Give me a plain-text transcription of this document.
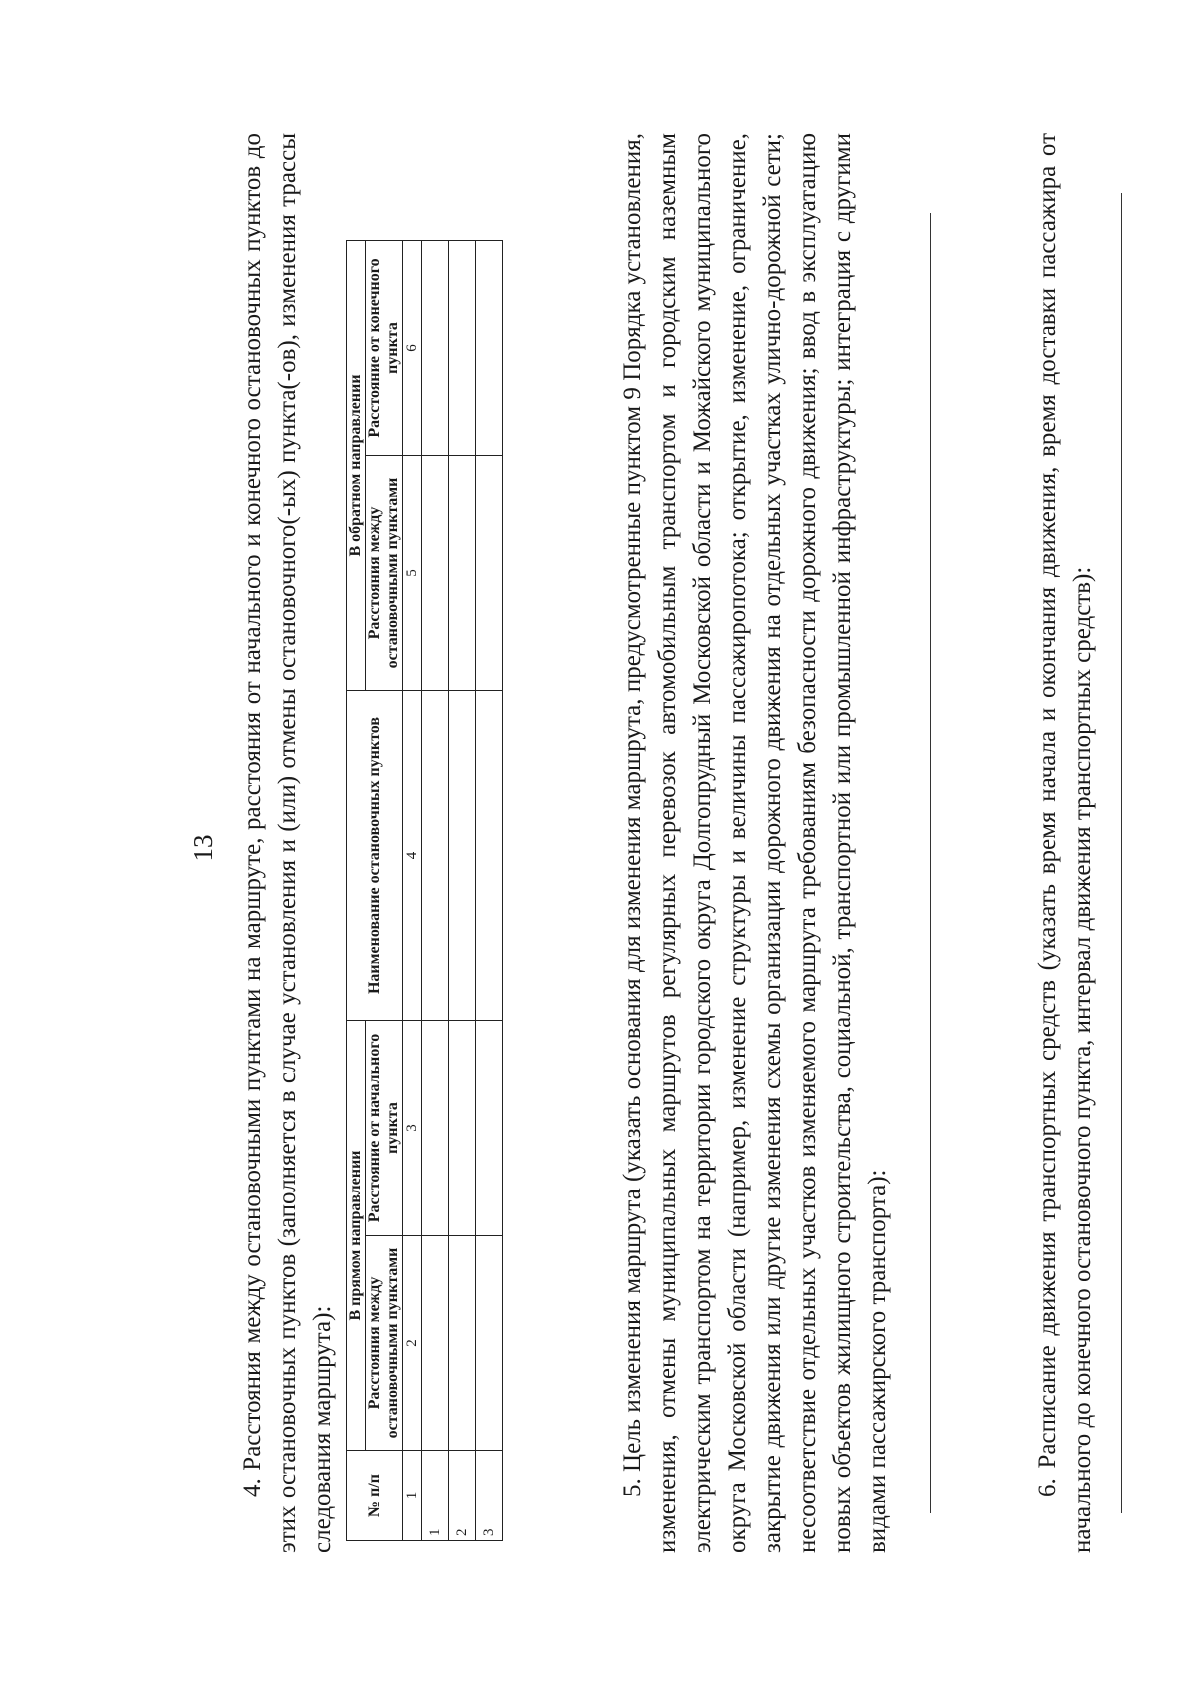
13 4. Расстояния между остановочными пунктами на маршруте, расстояния от начального и конечного остановочных пунктов до этих остановочных пунктов (заполняется в случае установления и (или) отмены остановочного(-ых) пункта(-ов), изменения трассы следования маршрута): № п/п	В прямом направлении		Наименование остановочных пунктов	В обратном направлении	
	Расстояния между остановочными пунктами	Расстояние от начального пункта		Расстояния между остановочными пунктами	Расстояние от конечного пункта
1	2	3	4	5	6
1					
2					
3					

5. Цель изменения маршрута (указать основания для изменения маршрута, предусмотренные пунктом 9 Порядка установления, изменения, отмены муниципальных маршрутов регулярных перевозок автомобильным транспортом и городским наземным электрическим транспортом на территории городского округа Долгопрудный Московской области и Можайского муниципального округа Московской области (например, изменение структуры и величины пассажиропотока; открытие, изменение, ограничение, закрытие движения или другие изменения схемы организации дорожного движения на отдельных участках улично-дорожной сети; несоответствие отдельных участков изменяемого маршрута требованиям безопасности дорожного движения; ввод в эксплуатацию новых объектов жилищного строительства, социальной, транспортной или промышленной инфраструктуры; интеграция с другими видами пассажирского транспорта):	6. Расписание движения транспортных средств (указать время начала и окончания движения, время доставки пассажира от начального до конечного остановочного пункта, интервал движения транспортных средств):
